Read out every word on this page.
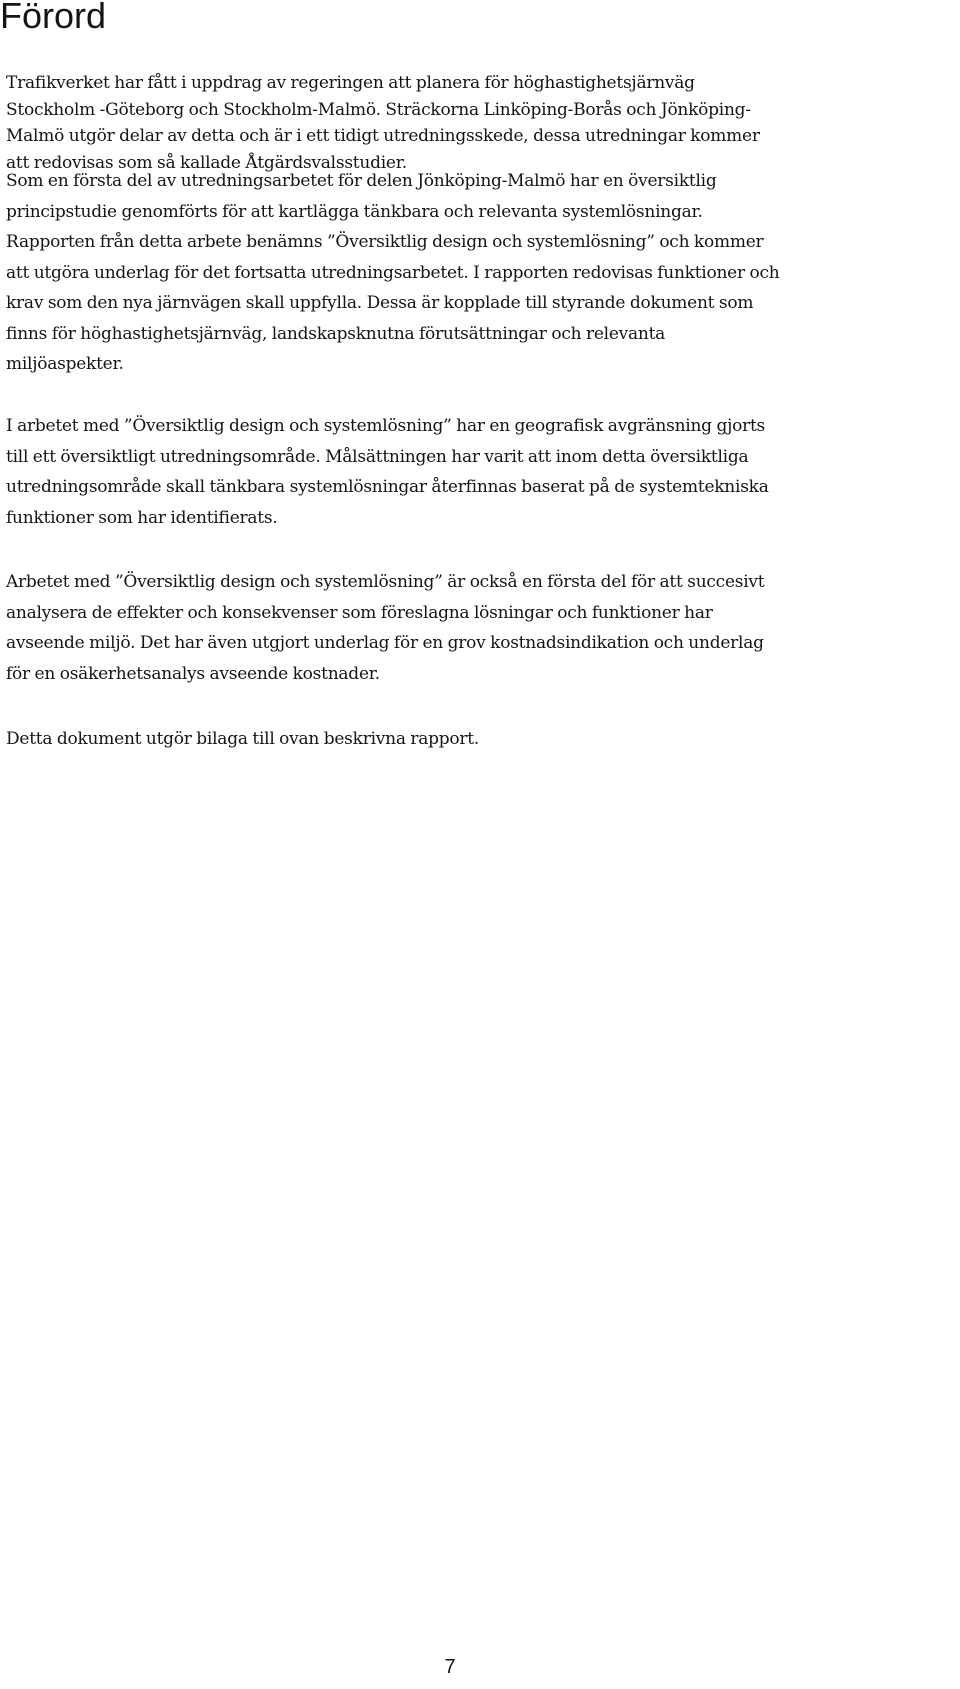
Förord

Trafikverket har fått i uppdrag av regeringen att planera för höghastighetsjärnväg
Stockholm -Göteborg och Stockholm-Malmö. Sträckorna Linköping-Borås och Jönköping-
Malmö utgör delar av detta och är i ett tidigt utredningsskede, dessa utredningar kommer
att redovisas som så kallade Åtgärdsvalsstudier.

Som en första del av utredningsarbetet för delen Jönköping-Malmö har en översiktlig
principstudie genomförts för att kartlägga tänkbara och relevanta systemlösningar.
Rapporten från detta arbete benämns ”Översiktlig design och systemlösning” och kommer
att utgöra underlag för det fortsatta utredningsarbetet. I rapporten redovisas funktioner och
krav som den nya järnvägen skall uppfylla. Dessa är kopplade till styrande dokument som
finns för höghastighetsjärnväg, landskapsknutna förutsättningar och relevanta
miljöaspekter.

I arbetet med ”Översiktlig design och systemlösning” har en geografisk avgränsning gjorts
till ett översiktligt utredningsområde. Målsättningen har varit att inom detta översiktliga
utredningsområde skall tänkbara systemlösningar återfinnas baserat på de systemtekniska
funktioner som har identifierats.

Arbetet med ”Översiktlig design och systemlösning” är också en första del för att succesivt
analysera de effekter och konsekvenser som föreslagna lösningar och funktioner har
avseende miljö. Det har även utgjort underlag för en grov kostnadsindikation och underlag
för en osäkerhetsanalys avseende kostnader.

Detta dokument utgör bilaga till ovan beskrivna rapport.

7
